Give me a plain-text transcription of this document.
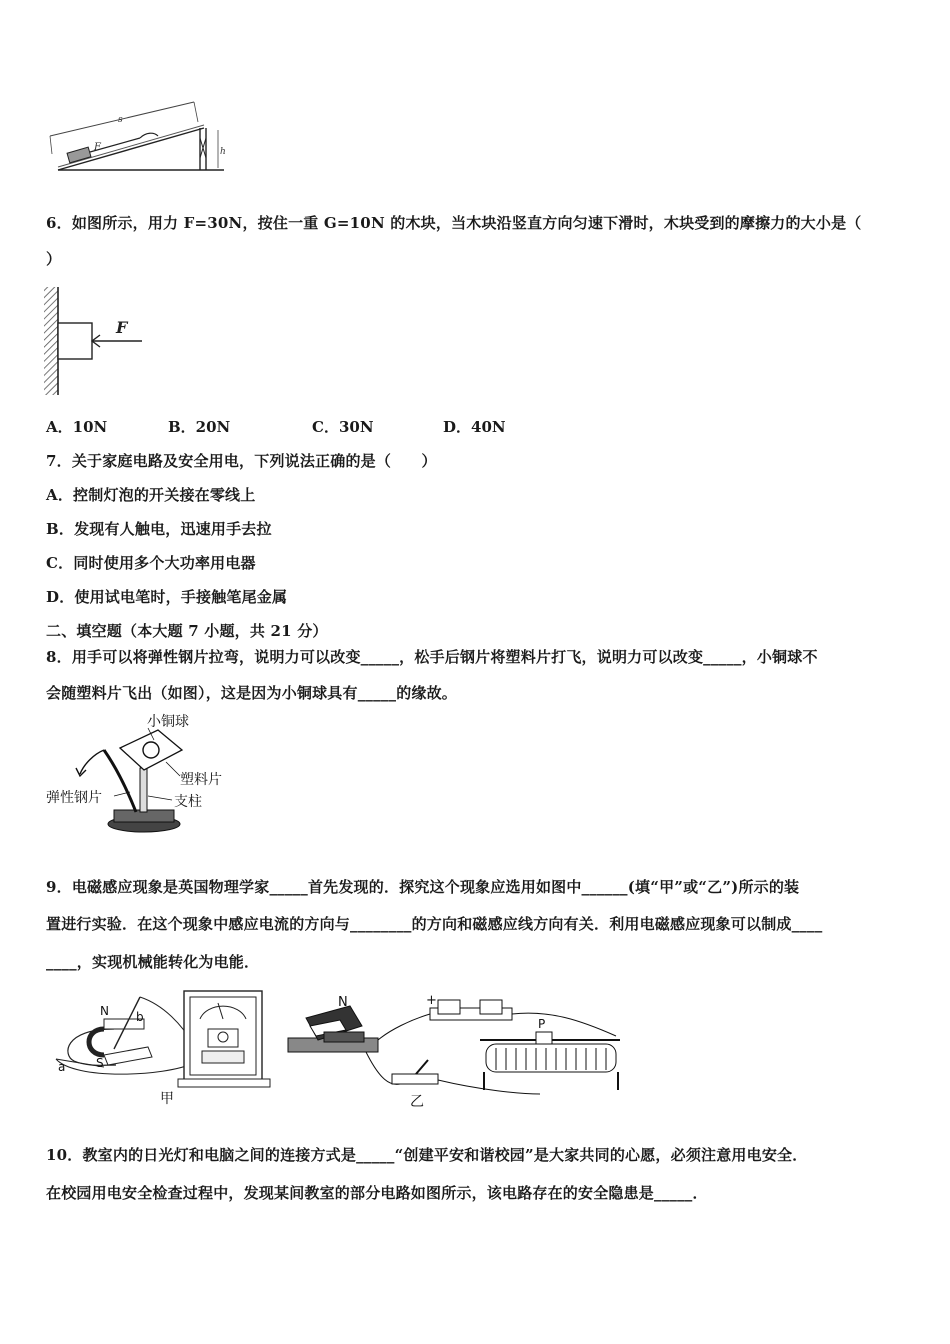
s
F	h
6．如图所示，用力 F=30N，按住一重 G=10N 的木块，当木块沿竖直方向匀速下滑时，木块受到的摩擦力的大小是（
）
F
A．10N	B．20N	C．30N	D．40N
7．关于家庭电路及安全用电，下列说法正确的是（　　）
A．控制灯泡的开关接在零线上
B．发现有人触电，迅速用手去拉
C．同时使用多个大功率用电器
D．使用试电笔时，手接触笔尾金属
二、填空题（本大题 7 小题，共 21 分）
8．用手可以将弹性钢片拉弯，说明力可以改变_____，松手后钢片将塑料片打飞，说明力可以改变_____，小铜球不
会随塑料片飞出（如图），这是因为小铜球具有_____的缘故。
小铜球
塑料片
弹性钢片	支柱
9．电磁感应现象是英国物理学家_____首先发现的．探究这个现象应选用如图中______(填“甲”或“乙”)所示的装
置进行实验．在这个现象中感应电流的方向与________的方向和磁感应线方向有关．利用电磁感应现象可以制成____
____，实现机械能转化为电能．
N b
a	S
甲
N	+
P
乙
10．教室内的日光灯和电脑之间的连接方式是_____“创建平安和谐校园”是大家共同的心愿，必须注意用电安全．
在校园用电安全检查过程中，发现某间教室的部分电路如图所示，该电路存在的安全隐患是_____．
